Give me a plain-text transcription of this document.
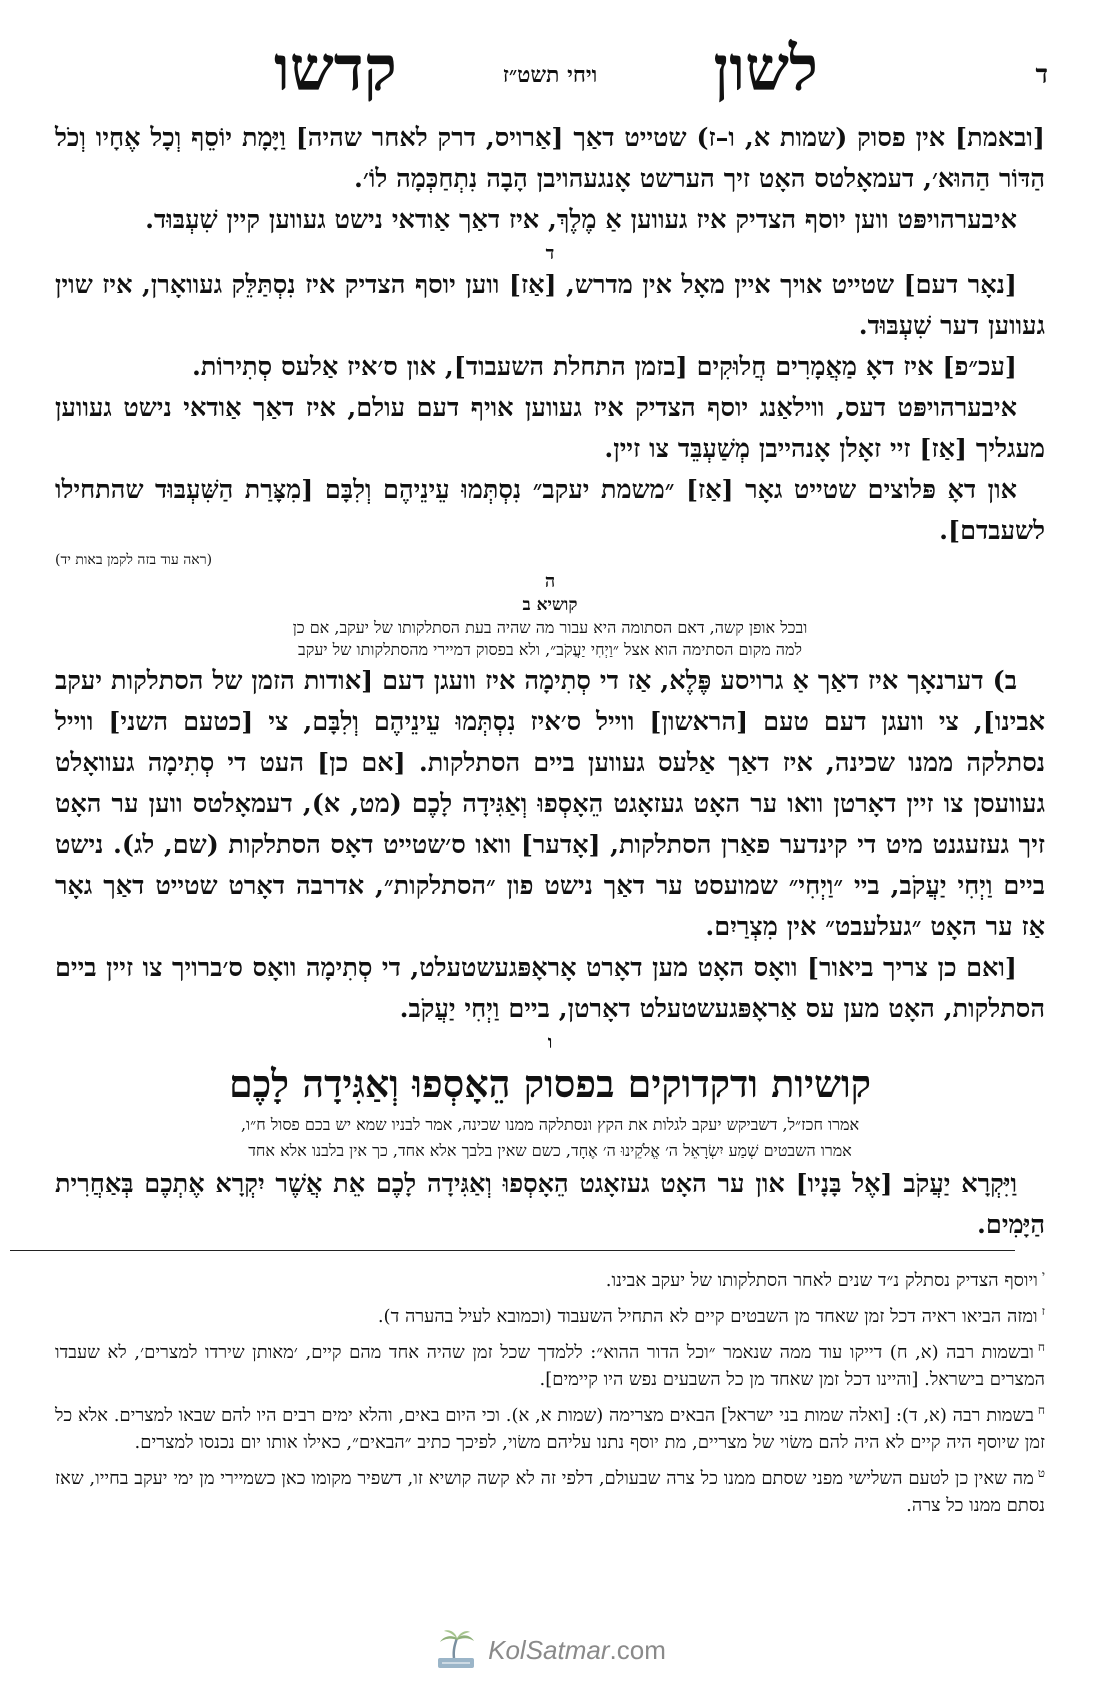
ד
לשון
ויחי תשט״ז
קדשו

[ובאמת] אין פסוק (שמות א, ו–ז) שטייט דאַך [אַרויס, דרק לאחר שהיה] וַיָּמָת יוֹסֵף וְכָל אֶחָיו וְכֹל הַדּוֹר הַהוּא׳, דעמאָלטס האָט זיך הערשט אָנגעהויבן הָבָה נִתְחַכְּמָה לוֹ׳.

איבערהויפּט ווען יוסף הצדיק איז געווען אַ מֶלֶךְ, איז דאַך אַודאי נישט געווען קיין שִׁעְבּוּד.

ד

[נאָר דעם] שטייט אויך איין מאָל אין מדרש, [אַז] ווען יוסף הצדיק איז נִסְתַּלֵּק געוואָרן, איז שוין געווען דער שִׁעְבּוּד.

[עכ״פ] איז דאָ מַאֲמָרִים חֲלוּקִים [בזמן התחלת השעבוד], און ס׳איז אַלעס סְתִירוֹת.

איבערהויפּט דעס, ווילאַנג יוסף הצדיק איז געווען אויף דעם עולם, איז דאַך אַודאי נישט געווען מעגליך [אַז] זיי זאָלן אָנהייבן מְשַׁעְבֵּד צו זיין.

און דאָ פּלוצים שטייט גאָר [אַז] ״משמת יעקב״ נִסְתְּמוּ עֵינֵיהֶם וְלִבָּם [מִצָּרַת הַשִּׁעְבּוּד שהתחילו לשעבדם].

(ראה עוד בזה לקמן באות יד)
ה
קושיא ב

ובכל אופן קשה, דאם הסתומה היא עבור מה שהיה בעת הסתלקותו של יעקב, אם כן

למה מקום הסתימה הוא אצל ״וַיְחִי יַעֲקֹב״, ולא בפסוק דמיירי מהסתלקותו של יעקב

ב) דערנאָך איז דאַך אַ גרויסע פֶּלֶא, אַז די סְתִימָה איז וועגן דעם [אודות הזמן של הסתלקות יעקב אבינו], צי וועגן דעם טעם [הראשון] ווייל ס׳איז נִסְתְּמוּ עֵינֵיהֶם וְלִבָּם, צי [כטעם השני] ווייל נסתלקה ממנו שכינה, איז דאַך אַלעס געווען ביים הסתלקות. [אם כן] העט די סְתִימָה געוואָלט געוועסן צו זיין דאָרטן וואו ער האָט געזאָגט הֵאָסְפוּ וְאַגִּידָה לָכֶם (מט, א), דעמאָלטס ווען ער האָט זיך געזעגנט מיט די קינדער פאַרן הסתלקות, [אָדער] וואו ס׳שטייט דאָס הסתלקות (שם, לג). נישט ביים וַיְחִי יַעֲקֹב, ביי ״וַיְחִי״ שמועסט ער דאַך נישט פון ״הסתלקות״, אדרבה דאָרט שטייט דאַך גאָר אַז ער האָט ״געלעבט״ אין מִצְרַיִם.

[ואם כן צריך ביאור] וואָס האָט מען דאָרט אָראָפּגעשטעלט, די סְתִימָה וואָס ס׳ברויך צו זיין ביים הסתלקות, האָט מען עס אַראָפּגעשטעלט דאָרטן, ביים וַיְחִי יַעֲקֹב.

ו
קושיות ודקדוקים בפסוק הֵאָסְפוּ וְאַגִּידָה לָכֶם

אמרו חכז״ל, דשביקש יעקב לגלות את הקץ ונסתלקה ממנו שכינה, אמר לבניו שמא יש בכם פסול ח״ו,

אמרו השבטים שְׁמַע יִשְׂרָאֵל ה׳ אֱלֹקֵינוּ ה׳ אֶחָד, כשם שאין בלבך אלא אחד, כך אין בלבנו אלא אחד

וַיִּקְרָא יַעֲקֹב [אֶל בָּנָיו] און ער האָט געזאָגט הֵאָסְפוּ וְאַגִּידָה לָכֶם אֵת אֲשֶׁר יִקְרָא אֶתְכֶם בְּאַחֲרִית הַיָּמִים.

$^י$ויוסף הצדיק נסתלק נ״ד שנים לאחר הסתלקותו של יעקב אבינו.

$^ז$ומזה הביאו ראיה דכל זמן שאחד מן השבטים קיים לא התחיל השעבוד (וכמובא לעיל בהערה ד).

$^ח$ובשמות רבה (א, ח) דייקו עוד ממה שנאמר ״וכל הדור ההוא״: ללמדך שכל זמן שהיה אחד מהם קיים, ׳מאותן שירדו למצרים׳, לא שעבדו המצרים בישראל. [והיינו דכל זמן שאחד מן כל השבעים נפש היו קיימים].

$^ח$בשמות רבה (א, ד): [ואלה שמות בני ישראל] הבאים מצרימה (שמות א, א). וכי היום באים, והלא ימים רבים היו להם שבאו למצרים. אלא כל זמן שיוסף היה קיים לא היה להם משׂוי של מצריים, מת יוסף נתנו עליהם משׂוי, לפיכך כתיב ״הבאים״, כאילו אותו יום נכנסו למצרים.

$^ט$מה שאין כן לטעם השלישי מפני שסתם ממנו כל צרה שבעולם, דלפי זה לא קשה קושיא זו, דשפיר מקומו כאן כשמיירי מן ימי יעקב בחייו, שאז נסתם ממנו כל צרה.

KolSatmar.com
